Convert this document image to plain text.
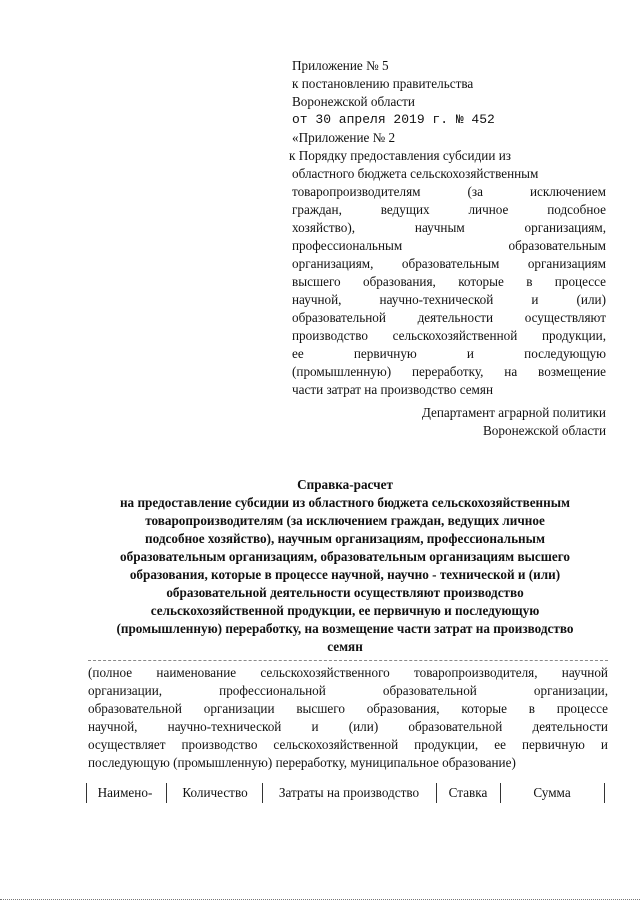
Приложение № 5
к постановлению правительства
Воронежской области
от 30 апреля 2019 г. № 452
«Приложение № 2
к Порядку предоставления субсидии из
областного бюджета сельскохозяйственным
товаропроизводителям (за исключением
граждан, ведущих личное подсобное
хозяйство), научным организациям,
профессиональным образовательным
организациям, образовательным организациям
высшего образования, которые в процессе
научной, научно-технической и (или)
образовательной деятельности осуществляют
производство сельскохозяйственной продукции,
ее первичную и последующую
(промышленную) переработку, на возмещение
части затрат на производство семян
Департамент аграрной политики
Воронежской области
Справка-расчет
на предоставление субсидии из областного бюджета сельскохозяйственным
товаропроизводителям (за исключением граждан, ведущих личное
подсобное хозяйство), научным организациям, профессиональным
образовательным организациям, образовательным организациям высшего
образования, которые в процессе научной, научно - технической и (или)
образовательной деятельности осуществляют производство
сельскохозяйственной продукции, ее первичную и последующую
(промышленную) переработку, на возмещение части затрат на производство
семян
(полное наименование сельскохозяйственного товаропроизводителя, научной
организации, профессиональной образовательной организации,
образовательной организации высшего образования, которые в процессе
научной, научно-технической и (или) образовательной деятельности
осуществляет производство сельскохозяйственной продукции, ее первичную и
последующую (промышленную) переработку, муниципальное образование)
Наимено-	Количество	Затраты на производство	Ставка	Сумма
